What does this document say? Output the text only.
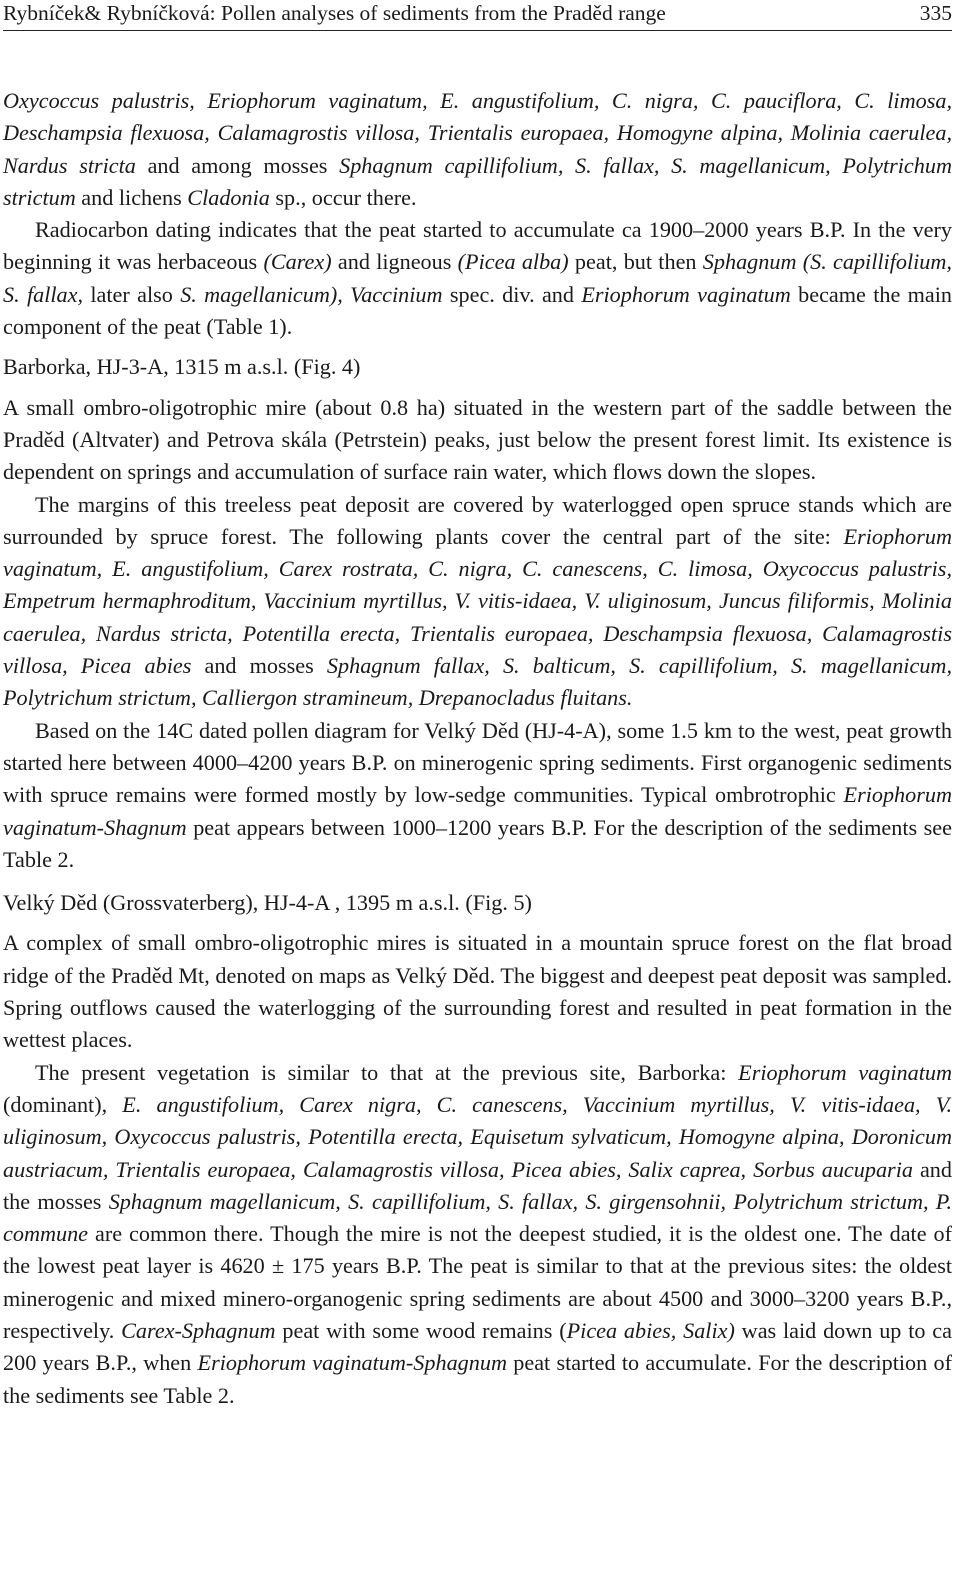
Rybníček& Rybníčková: Pollen analyses of sediments from the Praděd range	335

Oxycoccus palustris, Eriophorum vaginatum, E. angustifolium, C. nigra, C. pauciflora, C. limosa, Deschampsia flexuosa, Calamagrostis villosa, Trientalis europaea, Homogyne alpina, Molinia caerulea, Nardus stricta and among mosses Sphagnum capillifolium, S. fallax, S. magellanicum, Polytrichum strictum and lichens Cladonia sp., occur there.

Radiocarbon dating indicates that the peat started to accumulate ca 1900–2000 years B.P. In the very beginning it was herbaceous (Carex) and ligneous (Picea alba) peat, but then Sphagnum (S. capillifolium, S. fallax, later also S. magellanicum), Vaccinium spec. div. and Eriophorum vaginatum became the main component of the peat (Table 1).

Barborka, HJ-3-A, 1315 m a.s.l. (Fig. 4)

A small ombro-oligotrophic mire (about 0.8 ha) situated in the western part of the saddle between the Praděd (Altvater) and Petrova skála (Petrstein) peaks, just below the present forest limit. Its existence is dependent on springs and accumulation of surface rain water, which flows down the slopes.

The margins of this treeless peat deposit are covered by waterlogged open spruce stands which are surrounded by spruce forest. The following plants cover the central part of the site: Eriophorum vaginatum, E. angustifolium, Carex rostrata, C. nigra, C. canescens, C. limosa, Oxycoccus palustris, Empetrum hermaphroditum, Vaccinium myrtillus, V. vitis-idaea, V. uliginosum, Juncus filiformis, Molinia caerulea, Nardus stricta, Potentilla erecta, Trientalis europaea, Deschampsia flexuosa, Calamagrostis villosa, Picea abies and mosses Sphagnum fallax, S. balticum, S. capillifolium, S. magellanicum, Polytrichum strictum, Calliergon stramineum, Drepanocladus fluitans.

Based on the 14C dated pollen diagram for Velký Děd (HJ-4-A), some 1.5 km to the west, peat growth started here between 4000–4200 years B.P. on minerogenic spring sediments. First organogenic sediments with spruce remains were formed mostly by low-sedge communities. Typical ombrotrophic Eriophorum vaginatum-Shagnum peat appears between 1000–1200 years B.P. For the description of the sediments see Table 2.

Velký Děd (Grossvaterberg), HJ-4-A , 1395 m a.s.l. (Fig. 5)

A complex of small ombro-oligotrophic mires is situated in a mountain spruce forest on the flat broad ridge of the Praděd Mt, denoted on maps as Velký Děd. The biggest and deepest peat deposit was sampled. Spring outflows caused the waterlogging of the surrounding forest and resulted in peat formation in the wettest places.

The present vegetation is similar to that at the previous site, Barborka: Eriophorum vaginatum (dominant), E. angustifolium, Carex nigra, C. canescens, Vaccinium myrtillus, V. vitis-idaea, V. uliginosum, Oxycoccus palustris, Potentilla erecta, Equisetum sylvaticum, Homogyne alpina, Doronicum austriacum, Trientalis europaea, Calamagrostis villosa, Picea abies, Salix caprea, Sorbus aucuparia and the mosses Sphagnum magellanicum, S. capillifolium, S. fallax, S. girgensohnii, Polytrichum strictum, P. commune are common there. Though the mire is not the deepest studied, it is the oldest one. The date of the lowest peat layer is 4620 ± 175 years B.P. The peat is similar to that at the previous sites: the oldest minerogenic and mixed minero-organogenic spring sediments are about 4500 and 3000–3200 years B.P., respectively. Carex-Sphagnum peat with some wood remains (Picea abies, Salix) was laid down up to ca 200 years B.P., when Eriophorum vaginatum-Sphagnum peat started to accumulate. For the description of the sediments see Table 2.
